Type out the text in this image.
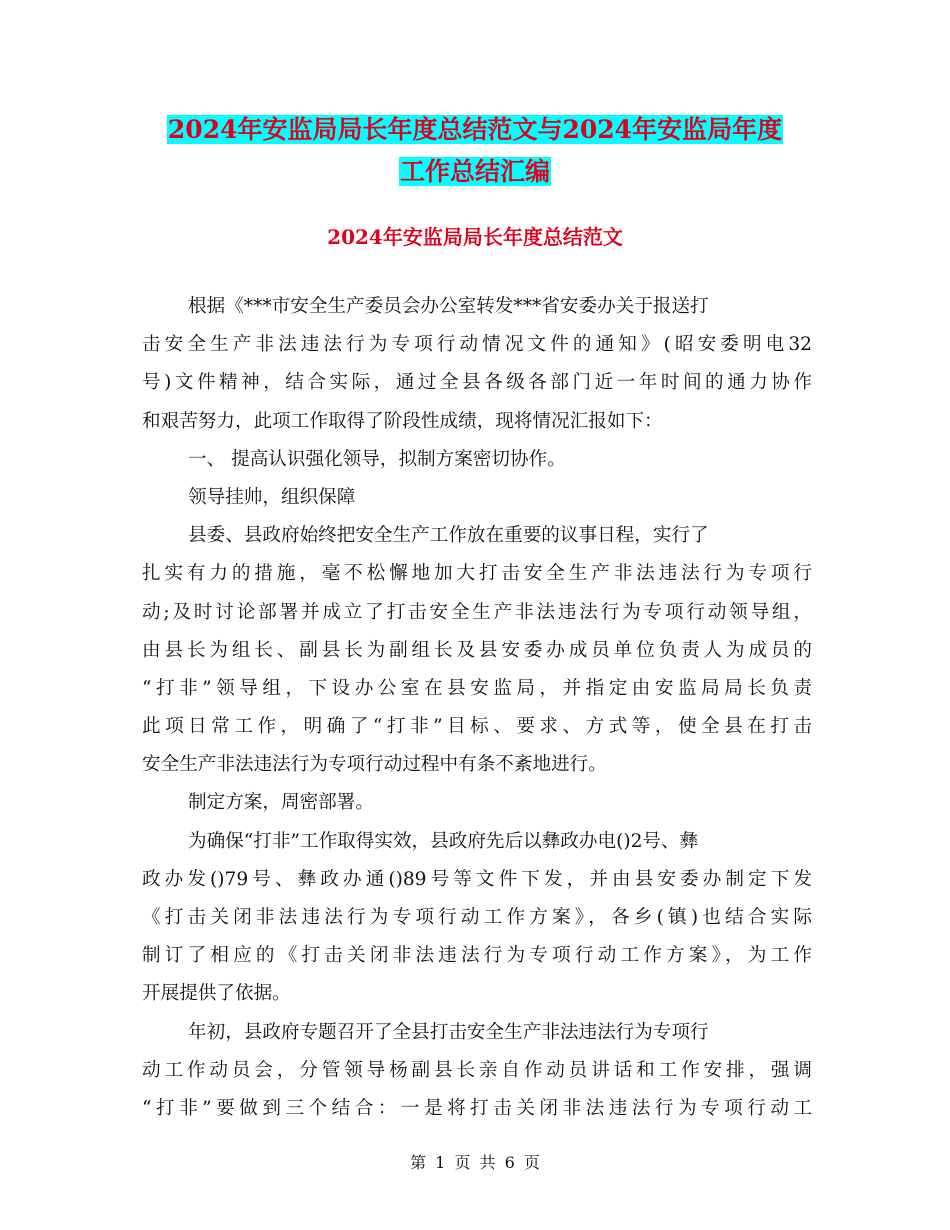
2024年安监局局长年度总结范文与2024年安监局年度
工作总结汇编
2024年安监局局长年度总结范文
根据《***市安全生产委员会办公室转发***省安委办关于报送打
击安全生产非法违法行为专项行动情况文件的通知》(昭安委明电32
号)文件精神，结合实际，通过全县各级各部门近一年时间的通力协作
和艰苦努力，此项工作取得了阶段性成绩，现将情况汇报如下：
一、 提高认识强化领导，拟制方案密切协作。
领导挂帅，组织保障
县委、县政府始终把安全生产工作放在重要的议事日程，实行了
扎实有力的措施，毫不松懈地加大打击安全生产非法违法行为专项行
动;及时讨论部署并成立了打击安全生产非法违法行为专项行动领导组，
由县长为组长、副县长为副组长及县安委办成员单位负责人为成员的
“打非”领导组，下设办公室在县安监局，并指定由安监局局长负责
此项日常工作，明确了“打非”目标、要求、方式等，使全县在打击
安全生产非法违法行为专项行动过程中有条不紊地进行。
制定方案，周密部署。
为确保“打非”工作取得实效，县政府先后以彝政办电()2号、彝
政办发()79号、彝政办通()89号等文件下发，并由县安委办制定下发
《打击关闭非法违法行为专项行动工作方案》，各乡(镇)也结合实际
制订了相应的《打击关闭非法违法行为专项行动工作方案》，为工作
开展提供了依据。
年初，县政府专题召开了全县打击安全生产非法违法行为专项行
动工作动员会，分管领导杨副县长亲自作动员讲话和工作安排，强调
“打非”要做到三个结合：一是将打击关闭非法违法行为专项行动工
第 1 页 共 6 页
